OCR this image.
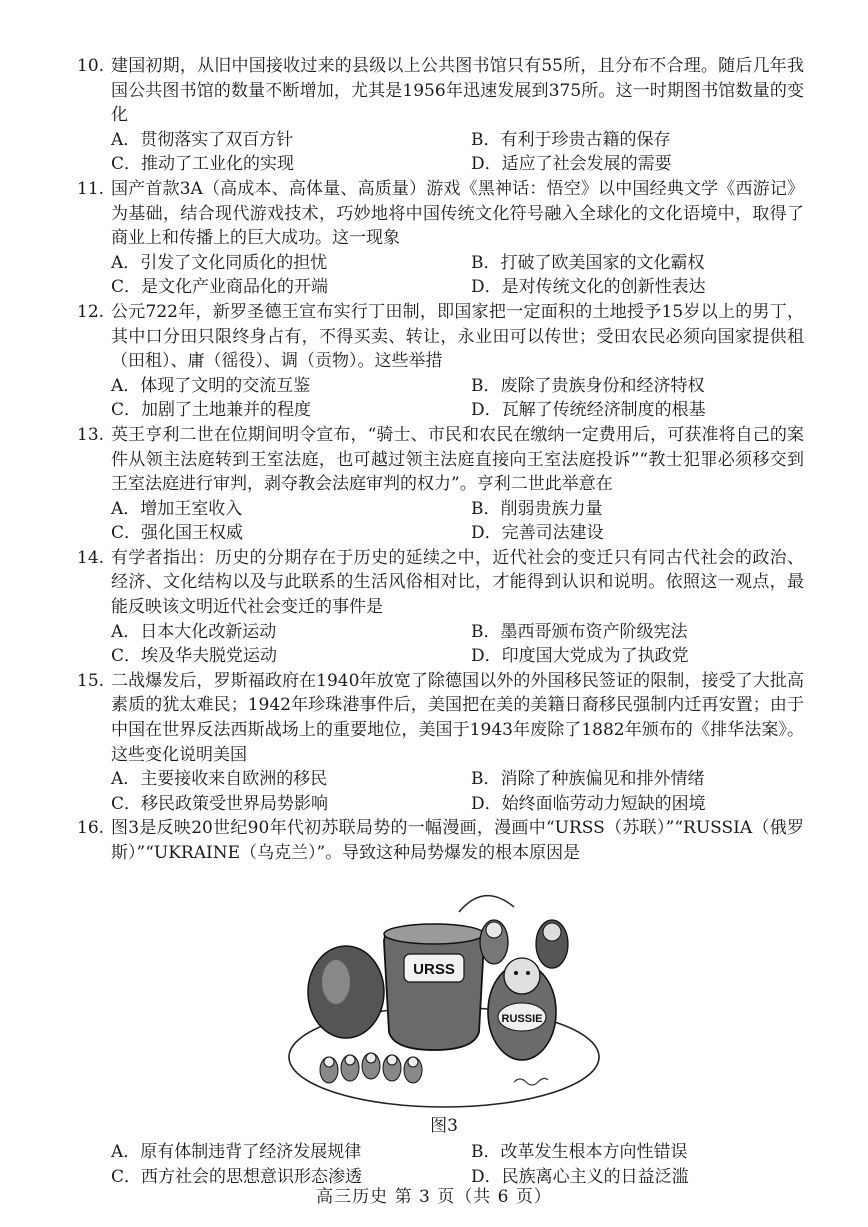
10. 建国初期，从旧中国接收过来的县级以上公共图书馆只有55所，且分布不合理。随后几年我国公共图书馆的数量不断增加，尤其是1956年迅速发展到375所。这一时期图书馆数量的变化
A．贯彻落实了双百方针	B．有利于珍贵古籍的保存
C．推动了工业化的实现	D．适应了社会发展的需要
11. 国产首款3A（高成本、高体量、高质量）游戏《黑神话：悟空》以中国经典文学《西游记》为基础，结合现代游戏技术，巧妙地将中国传统文化符号融入全球化的文化语境中，取得了商业上和传播上的巨大成功。这一现象
A．引发了文化同质化的担忧	B．打破了欧美国家的文化霸权
C．是文化产业商品化的开端	D．是对传统文化的创新性表达
12. 公元722年，新罗圣德王宣布实行丁田制，即国家把一定面积的土地授予15岁以上的男丁，其中口分田只限终身占有，不得买卖、转让，永业田可以传世；受田农民必须向国家提供租（田租）、庸（徭役）、调（贡物）。这些举措
A．体现了文明的交流互鉴	B．废除了贵族身份和经济特权
C．加剧了土地兼并的程度	D．瓦解了传统经济制度的根基
13. 英王亨利二世在位期间明令宣布，“骑士、市民和农民在缴纳一定费用后，可获准将自己的案件从领主法庭转到王室法庭，也可越过领主法庭直接向王室法庭投诉”“教士犯罪必须移交到王室法庭进行审判，剥夺教会法庭审判的权力”。亨利二世此举意在
A．增加王室收入	B．削弱贵族力量
C．强化国王权威	D．完善司法建设
14. 有学者指出：历史的分期存在于历史的延续之中，近代社会的变迁只有同古代社会的政治、经济、文化结构以及与此联系的生活风俗相对比，才能得到认识和说明。依照这一观点，最能反映该文明近代社会变迁的事件是
A．日本大化改新运动	B．墨西哥颁布资产阶级宪法
C．埃及华夫脱党运动	D．印度国大党成为了执政党
15. 二战爆发后，罗斯福政府在1940年放宽了除德国以外的外国移民签证的限制，接受了大批高素质的犹太难民；1942年珍珠港事件后，美国把在美的美籍日裔移民强制内迁再安置；由于中国在世界反法西斯战场上的重要地位，美国于1943年废除了1882年颁布的《排华法案》。这些变化说明美国
A．主要接收来自欧洲的移民	B．消除了种族偏见和排外情绪
C．移民政策受世界局势影响	D．始终面临劳动力短缺的困境
16. 图3是反映20世纪90年代初苏联局势的一幅漫画，漫画中“URSS（苏联）”“RUSSIA（俄罗斯）”“UKRAINE（乌克兰）”。导致这种局势爆发的根本原因是
URSS
RUSSIE
图3
A．原有体制违背了经济发展规律	B．改革发生根本方向性错误
C．西方社会的思想意识形态渗透	D．民族离心主义的日益泛滥
高三历史 第 3 页（共 6 页）
